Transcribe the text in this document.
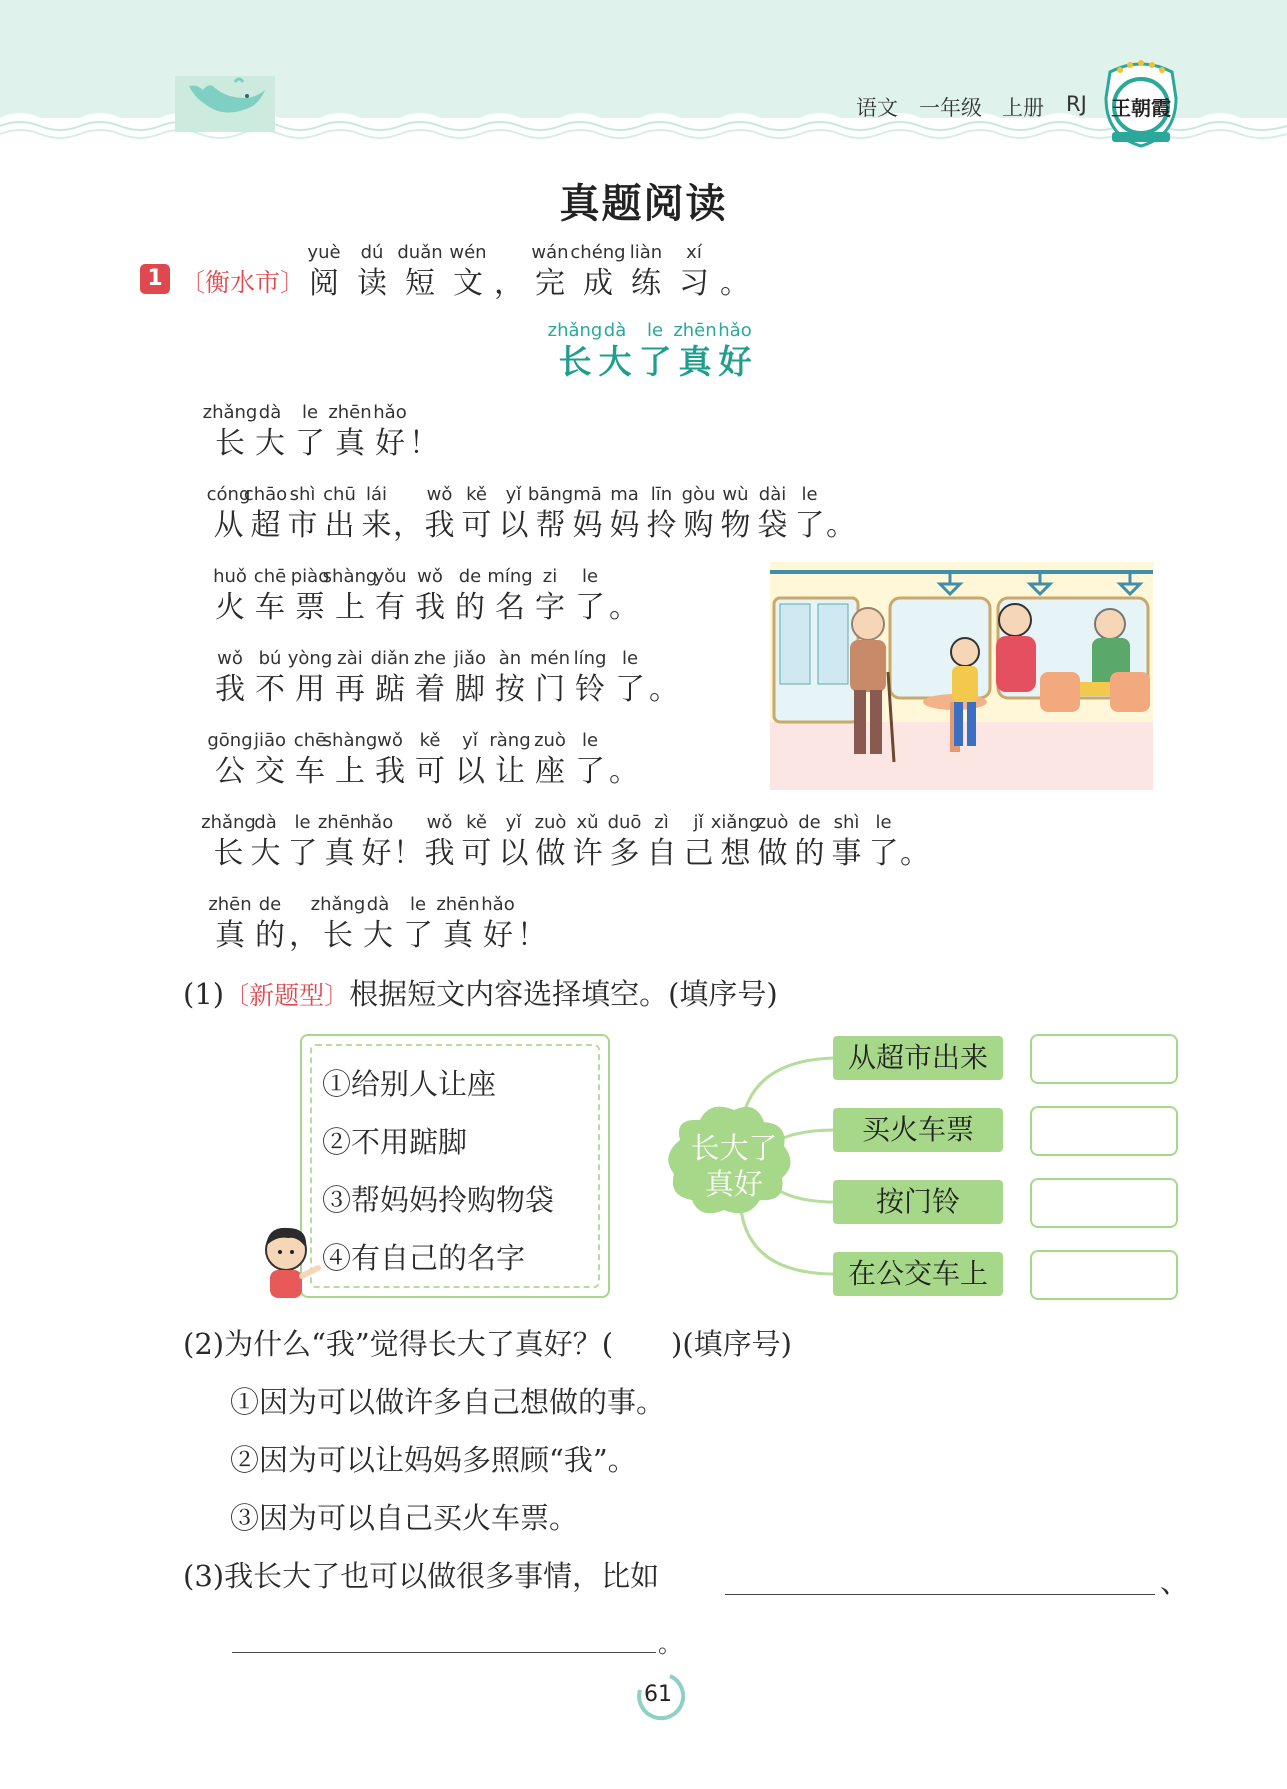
语文 一年级 上册 RJ	王朝霞
真题阅读
1 〔衡水市〕
yuè
阅
dú
读
duǎn
短
wén
文 ，
wán
完
chéng
成
liàn
练
xí
习 。
zhǎng
长
dà
大
le
了
zhēn
真
hǎo
好
zhǎng
长
dà
大
le
了
zhēn
真
hǎo
好 ！
cóng
从
chāo
超
shì
市
chū
出
lái
来 ，
wǒ
我
kě
可
yǐ
以
bāng
帮
mā
妈
ma
妈
līn
拎
gòu
购
wù
物
dài
袋
le
了 。
huǒ
火
chē
车
piào
票
shàng
上
yǒu
有
wǒ
我
de
的
míng
名
zi
字
le
了 。
wǒ
我
bú
不
yòng
用
zài
再
diǎn
踮
zhe
着
jiǎo
脚
àn
按
mén
门
líng
铃
le
了 。
gōng
公
jiāo
交
chē
车
shàng
上
wǒ
我
kě
可
yǐ
以
ràng
让
zuò
座
le
了 。
zhǎng
长
dà
大
le
了
zhēn
真
hǎo
好 ！
wǒ
我
kě
可
yǐ
以
zuò
做
xǔ
许
duō
多
zì
自
jǐ
己
xiǎng
想
zuò
做
de
的
shì
事
le
了 。
zhēn
真
de
的 ，
zhǎng
长
dà
大
le
了
zhēn
真
hǎo
好 ！
(1)〔新题型〕根据短文内容选择填空。(填序号)
①给别人让座
②不用踮脚
③帮妈妈拎购物袋
④有自己的名字
长大了
真好
从超市出来
买火车票
按门铃
在公交车上
(2)为什么“我”觉得长大了真好？(　　)(填序号)
①因为可以做许多自己想做的事。
②因为可以让妈妈多照顾“我”。
③因为可以自己买火车票。
(3)我长大了也可以做很多事情，比如	、
。
61
